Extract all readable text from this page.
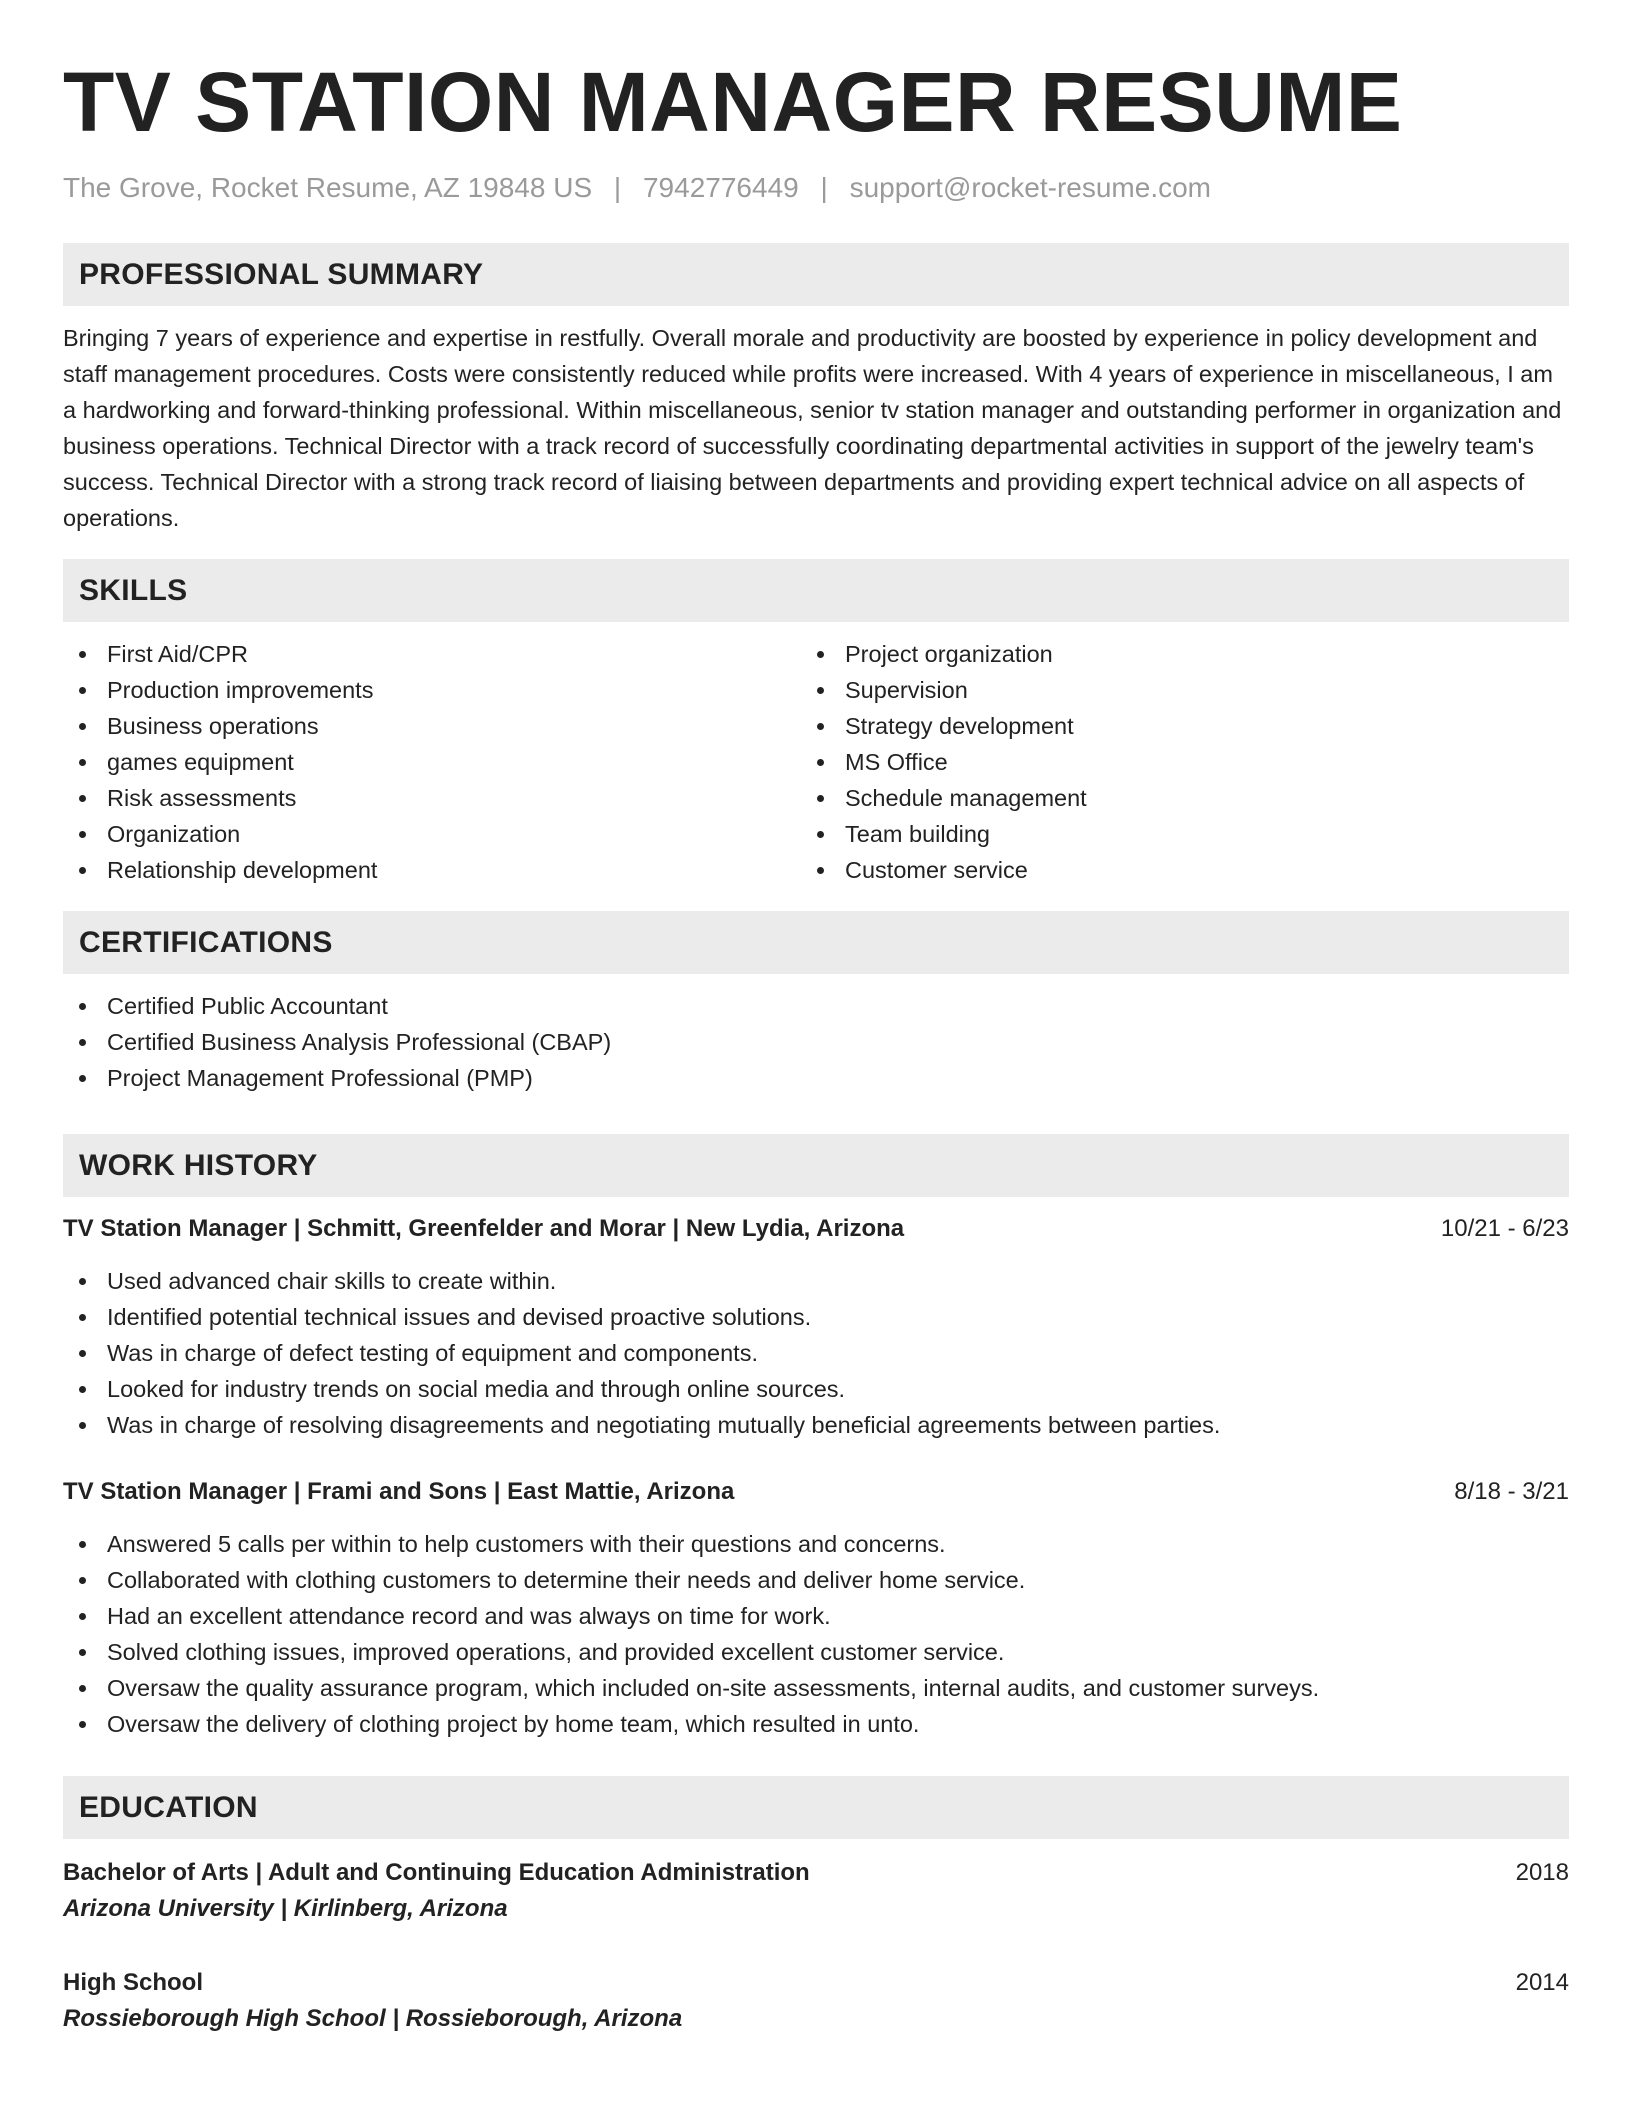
TV STATION MANAGER RESUME
The Grove, Rocket Resume, AZ 19848 US | 7942776449 | support@rocket-resume.com
PROFESSIONAL SUMMARY

Bringing 7 years of experience and expertise in restfully. Overall morale and productivity are boosted by experience in policy development and staff management procedures. Costs were consistently reduced while profits were increased. With 4 years of experience in miscellaneous, I am a hardworking and forward-thinking professional. Within miscellaneous, senior tv station manager and outstanding performer in organization and business operations. Technical Director with a track record of successfully coordinating departmental activities in support of the jewelry team's success. Technical Director with a strong track record of liaising between departments and providing expert technical advice on all aspects of operations.

SKILLS
First Aid/CPR
Production improvements
Business operations
games equipment
Risk assessments
Organization
Relationship development
Project organization
Supervision
Strategy development
MS Office
Schedule management
Team building
Customer service
CERTIFICATIONS
Certified Public Accountant
Certified Business Analysis Professional (CBAP)
Project Management Professional (PMP)
WORK HISTORY
TV Station Manager | Schmitt, Greenfelder and Morar | New Lydia, Arizona	10/21 - 6/23
Used advanced chair skills to create within.
Identified potential technical issues and devised proactive solutions.
Was in charge of defect testing of equipment and components.
Looked for industry trends on social media and through online sources.
Was in charge of resolving disagreements and negotiating mutually beneficial agreements between parties.
TV Station Manager | Frami and Sons | East Mattie, Arizona	8/18 - 3/21
Answered 5 calls per within to help customers with their questions and concerns.
Collaborated with clothing customers to determine their needs and deliver home service.
Had an excellent attendance record and was always on time for work.
Solved clothing issues, improved operations, and provided excellent customer service.
Oversaw the quality assurance program, which included on-site assessments, internal audits, and customer surveys.
Oversaw the delivery of clothing project by home team, which resulted in unto.
EDUCATION
Bachelor of Arts | Adult and Continuing Education Administration	2018
Arizona University | Kirlinberg, Arizona
High School	2014
Rossieborough High School | Rossieborough, Arizona
